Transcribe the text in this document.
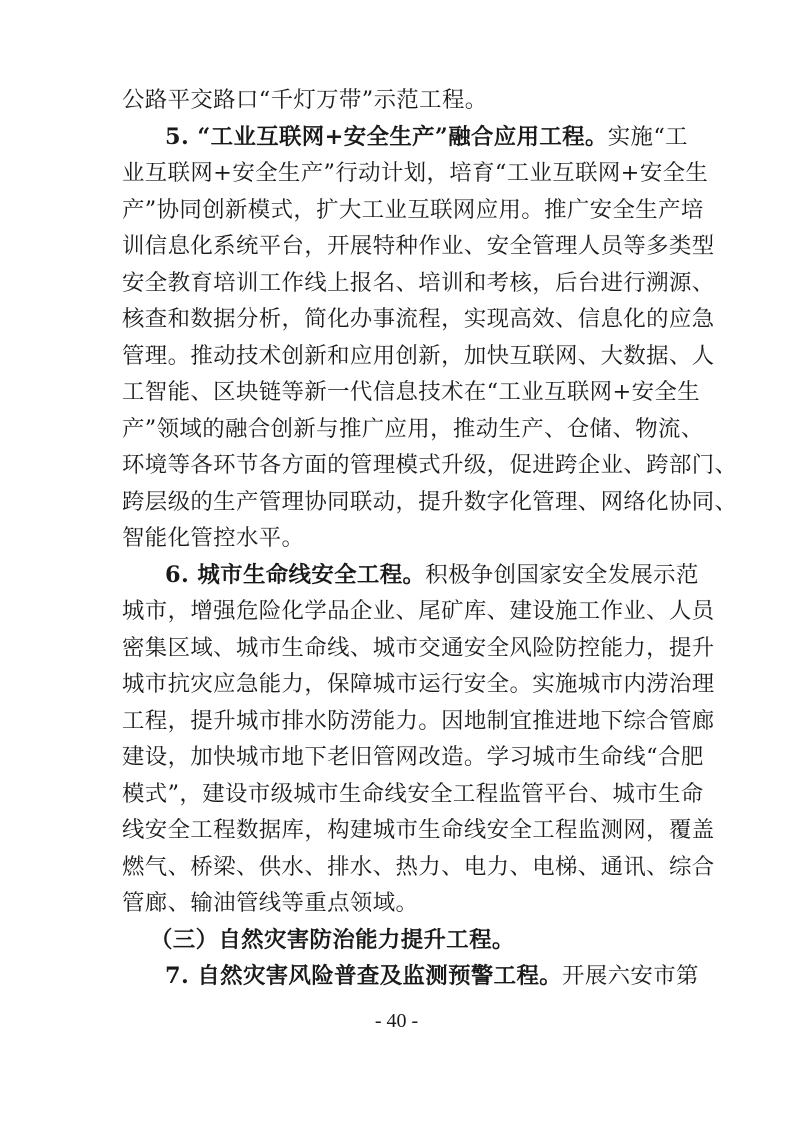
公路平交路口“千灯万带”示范工程。
5. “工业互联网+安全生产”融合应用工程。实施“工
业互联网+安全生产”行动计划，培育“工业互联网+安全生
产”协同创新模式，扩大工业互联网应用。推广安全生产培
训信息化系统平台，开展特种作业、安全管理人员等多类型
安全教育培训工作线上报名、培训和考核，后台进行溯源、
核查和数据分析，简化办事流程，实现高效、信息化的应急
管理。推动技术创新和应用创新，加快互联网、大数据、人
工智能、区块链等新一代信息技术在“工业互联网+安全生
产”领域的融合创新与推广应用，推动生产、仓储、物流、
环境等各环节各方面的管理模式升级，促进跨企业、跨部门、
跨层级的生产管理协同联动，提升数字化管理、网络化协同、
智能化管控水平。
6. 城市生命线安全工程。积极争创国家安全发展示范
城市，增强危险化学品企业、尾矿库、建设施工作业、人员
密集区域、城市生命线、城市交通安全风险防控能力，提升
城市抗灾应急能力，保障城市运行安全。实施城市内涝治理
工程，提升城市排水防涝能力。因地制宜推进地下综合管廊
建设，加快城市地下老旧管网改造。学习城市生命线“合肥
模式”，建设市级城市生命线安全工程监管平台、城市生命
线安全工程数据库，构建城市生命线安全工程监测网，覆盖
燃气、桥梁、供水、排水、热力、电力、电梯、通讯、综合
管廊、输油管线等重点领域。
（三）自然灾害防治能力提升工程。
7. 自然灾害风险普查及监测预警工程。开展六安市第
- 40 -
